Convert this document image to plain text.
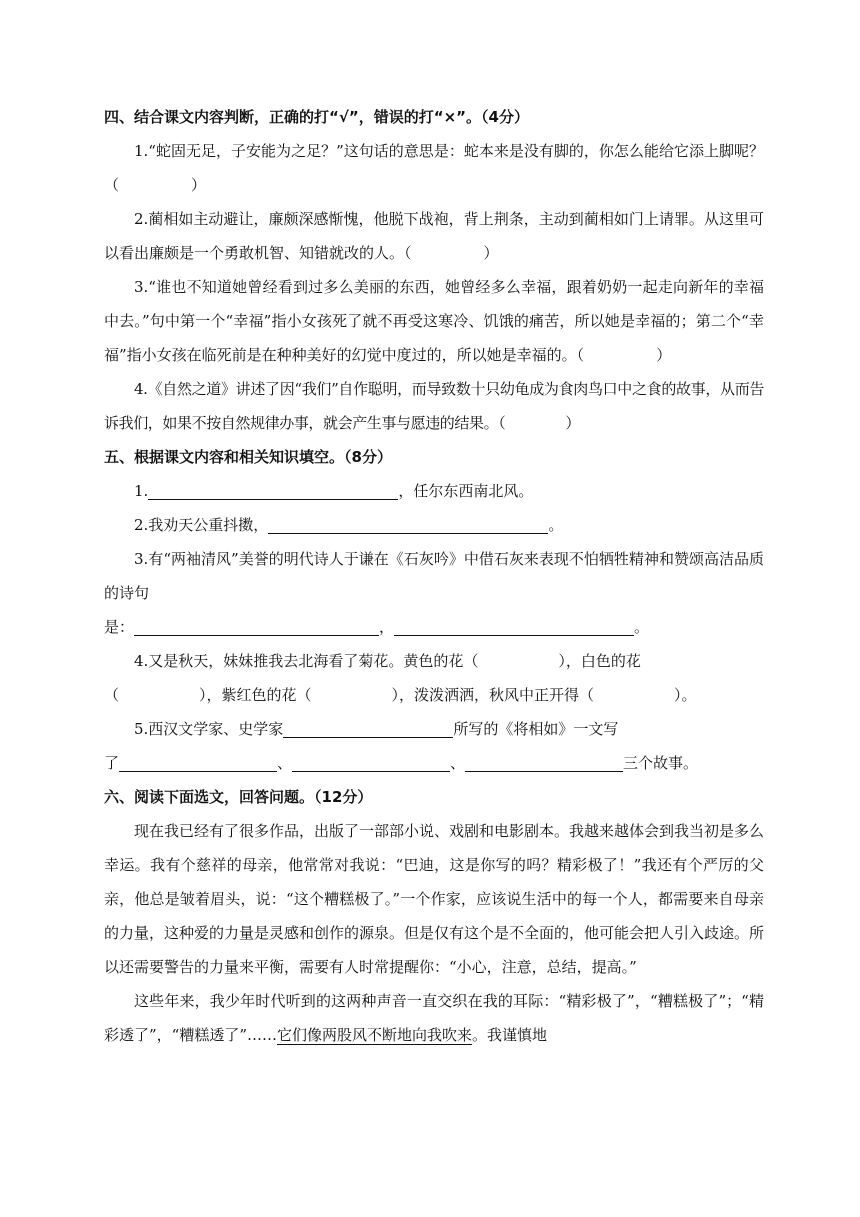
四、结合课文内容判断，正确的打“√”，错误的打“×”。（4分）
1.“蛇固无足，子安能为之足？”这句话的意思是：蛇本来是没有脚的，你怎么能给它添上脚呢？（	）
2.蔺相如主动避让，廉颇深感惭愧，他脱下战袍，背上荆条，主动到蔺相如门上请罪。从这里可以看出廉颇是一个勇敢机智、知错就改的人。（	）
3.“谁也不知道她曾经看到过多么美丽的东西，她曾经多么幸福，跟着奶奶一起走向新年的幸福中去。”句中第一个“幸福”指小女孩死了就不再受这寒冷、饥饿的痛苦，所以她是幸福的；第二个“幸福”指小女孩在临死前是在种种美好的幻觉中度过的，所以她是幸福的。（	）
4.《自然之道》讲述了因“我们”自作聪明，而导致数十只幼龟成为食肉鸟口中之食的故事，从而告诉我们，如果不按自然规律办事，就会产生事与愿违的结果。（	）
五、根据课文内容和相关知识填空。（8分）
1.	，任尔东西南北风。
2.我劝天公重抖擞，	。
3.有“两袖清风”美誉的明代诗人于谦在《石灰吟》中借石灰来表现不怕牺牲精神和赞颂高洁品质的诗句
是：	，	。
4.又是秋天，妹妹推我去北海看了菊花。黄色的花（	），白色的花
（	），紫红色的花（	），泼泼洒洒，秋风中正开得（	）。
5.西汉文学家、史学家	所写的《将相如》一文写
了	、	、	三个故事。
六、阅读下面选文，回答问题。（12分）
现在我已经有了很多作品，出版了一部部小说、戏剧和电影剧本。我越来越体会到我当初是多么幸运。我有个慈祥的母亲，他常常对我说：“巴迪，这是你写的吗？精彩极了！”我还有个严厉的父亲，他总是皱着眉头，说：“这个糟糕极了。”一个作家，应该说生活中的每一个人，都需要来自母亲的力量，这种爱的力量是灵感和创作的源泉。但是仅有这个是不全面的，他可能会把人引入歧途。所以还需要警告的力量来平衡，需要有人时常提醒你：“小心，注意，总结，提高。”
这些年来，我少年时代听到的这两种声音一直交织在我的耳际：“精彩极了”，“糟糕极了”；“精彩透了”，“糟糕透了”……它们像两股风不断地向我吹来。我谨慎地
